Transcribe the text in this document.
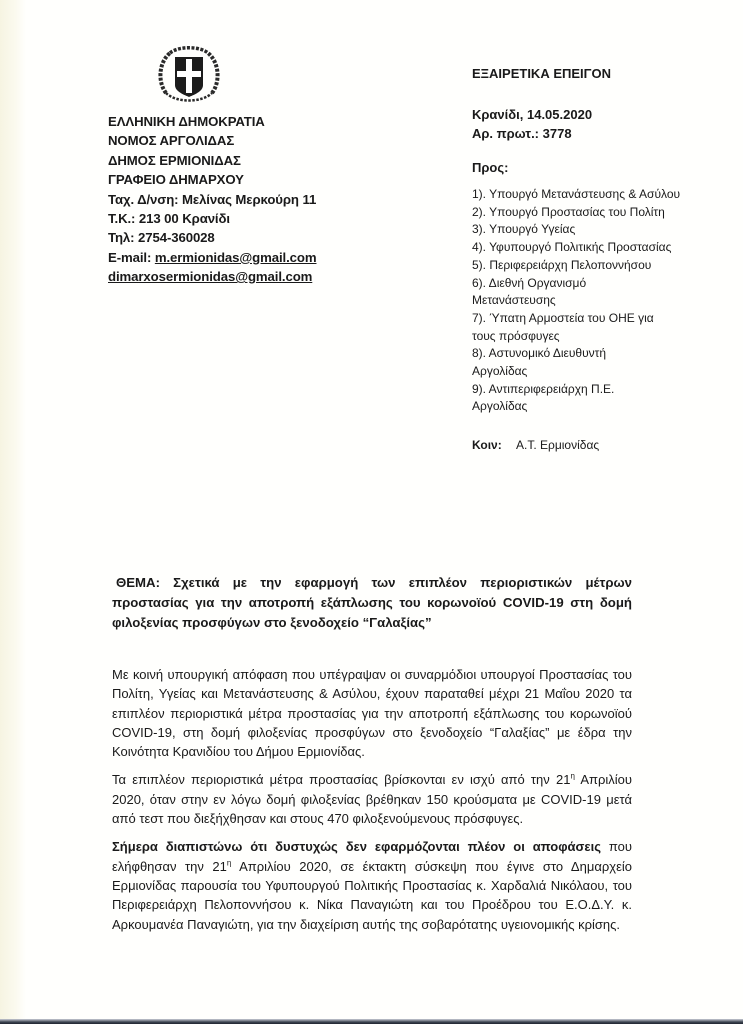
ΕΛΛΗΝΙΚΗ ΔΗΜΟΚΡΑΤΙΑ
ΝΟΜΟΣ ΑΡΓΟΛΙΔΑΣ
ΔΗΜΟΣ ΕΡΜΙΟΝΙΔΑΣ
ΓΡΑΦΕΙΟ ΔΗΜΑΡΧΟΥ
Ταχ. Δ/νση: Μελίνας Μερκούρη 11
Τ.Κ.: 213 00 Κρανίδι
Τηλ: 2754-360028
E-mail: m.ermionidas@gmail.com
dimarxosermionidas@gmail.com
ΕΞΑΙΡΕΤΙΚΑ ΕΠΕΙΓΟΝ
Κρανίδι, 14.05.2020
Αρ. πρωτ.: 3778
Προς:
1). Υπουργό Μετανάστευσης & Ασύλου
2). Υπουργό Προστασίας του Πολίτη
3). Υπουργό Υγείας
4). Υφυπουργό Πολιτικής Προστασίας
5). Περιφερειάρχη Πελοποννήσου
6). Διεθνή Οργανισμό Μετανάστευσης
7). Ύπατη Αρμοστεία του ΟΗΕ για τους πρόσφυγες
8). Αστυνομικό Διευθυντή Αργολίδας
9). Αντιπεριφερειάρχη Π.Ε. Αργολίδας
Κοιν:	Α.Τ. Ερμιονίδας
ΘΕΜΑ: Σχετικά με την εφαρμογή των επιπλέον περιοριστικών μέτρων προστασίας για την αποτροπή εξάπλωσης του κορωνοϊού COVID-19 στη δομή φιλοξενίας προσφύγων στο ξενοδοχείο “Γαλαξίας”

Με κοινή υπουργική απόφαση που υπέγραψαν οι συναρμόδιοι υπουργοί Προστασίας του Πολίτη, Υγείας και Μετανάστευσης & Ασύλου, έχουν παραταθεί μέχρι 21 Μαΐου 2020 τα επιπλέον περιοριστικά μέτρα προστασίας για την αποτροπή εξάπλωσης του κορωνοϊού COVID-19, στη δομή φιλοξενίας προσφύγων στο ξενοδοχείο “Γαλαξίας” με έδρα την Κοινότητα Κρανιδίου του Δήμου Ερμιονίδας.

Τα επιπλέον περιοριστικά μέτρα προστασίας βρίσκονται εν ισχύ από την $21^\eta$ Απριλίου 2020, όταν στην εν λόγω δομή φιλοξενίας βρέθηκαν 150 κρούσματα με COVID-19 μετά από τεστ που διεξήχθησαν και στους 470 φιλοξενούμενους πρόσφυγες.

Σήμερα διαπιστώνω ότι δυστυχώς δεν εφαρμόζονται πλέον οι αποφάσεις που ελήφθησαν την $21^\eta$ Απριλίου 2020, σε έκτακτη σύσκεψη που έγινε στο Δημαρχείο Ερμιονίδας παρουσία του Υφυπουργού Πολιτικής Προστασίας κ. Χαρδαλιά Νικόλαου, του Περιφερειάρχη Πελοποννήσου κ. Νίκα Παναγιώτη και του Προέδρου του Ε.Ο.Δ.Υ. κ. Αρκουμανέα Παναγιώτη, για την διαχείριση αυτής της σοβαρότατης υγειονομικής κρίσης.
